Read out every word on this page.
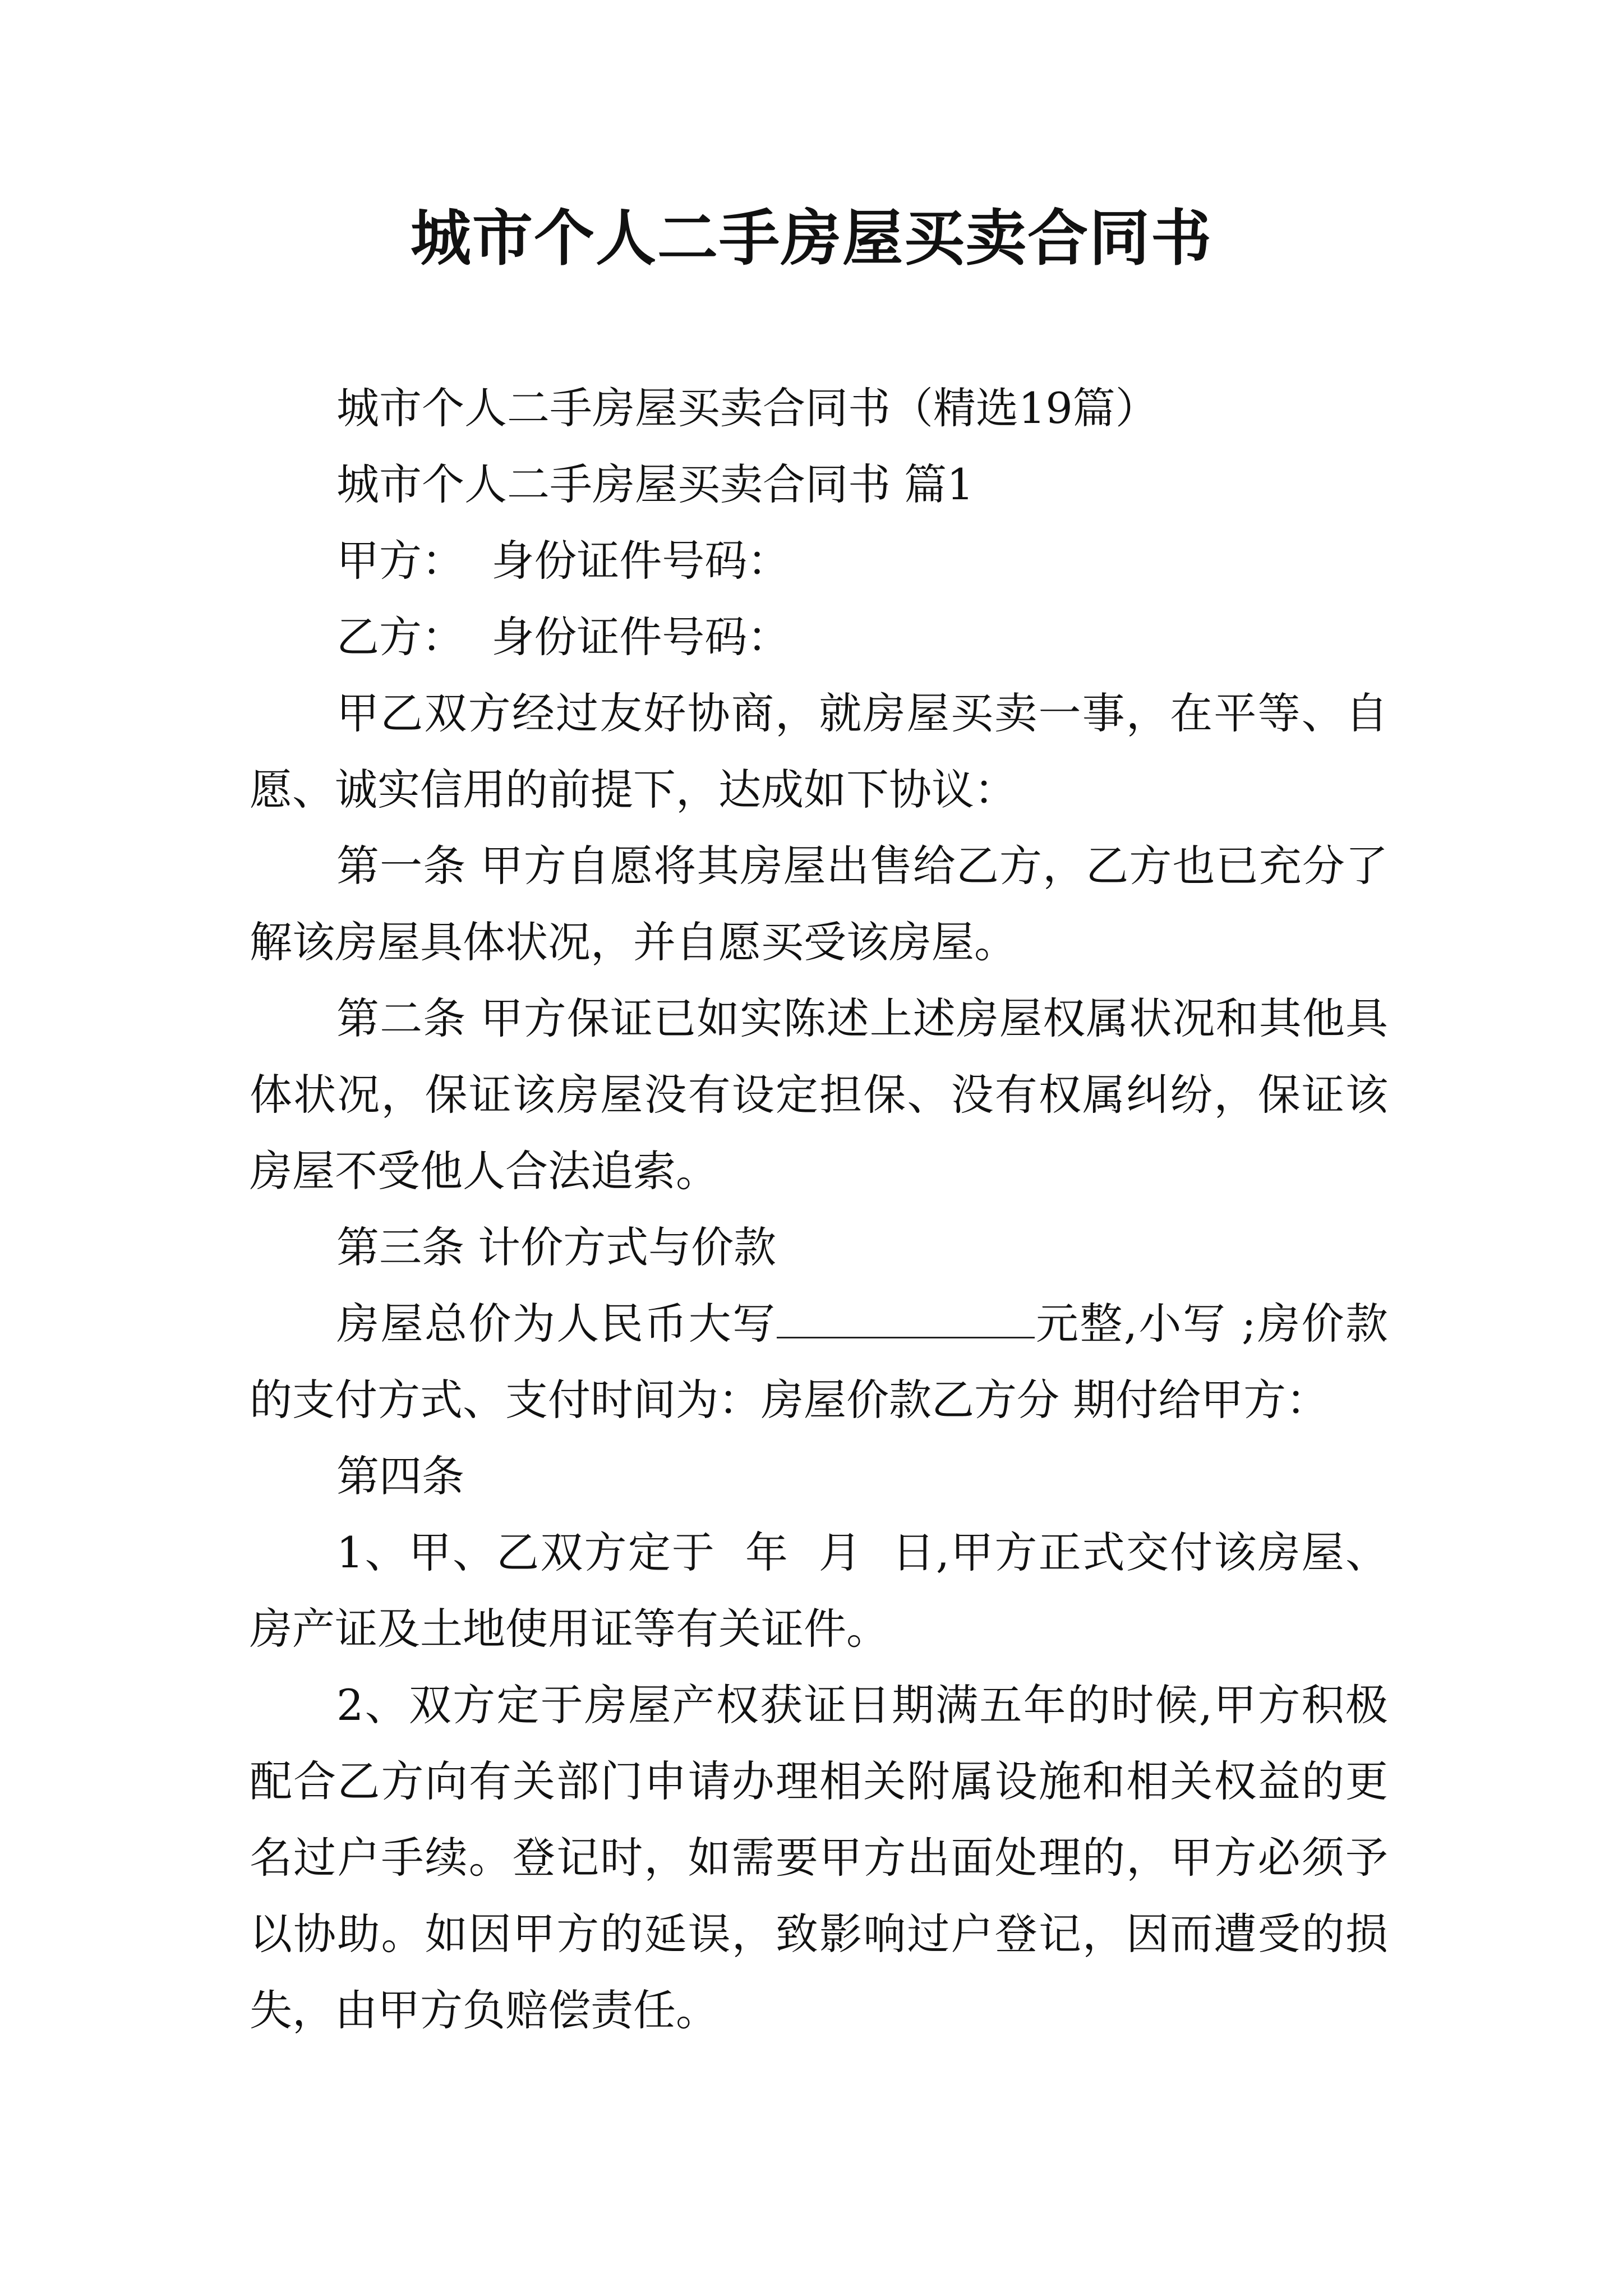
城市个人二手房屋买卖合同书

城市个人二手房屋买卖合同书（精选19篇）

城市个人二手房屋买卖合同书 篇1

甲方：  身份证件号码：

乙方：  身份证件号码：

甲乙双方经过友好协商，就房屋买卖一事，在平等、自愿、诚实信用的前提下，达成如下协议：

第一条 甲方自愿将其房屋出售给乙方，乙方也已充分了解该房屋具体状况，并自愿买受该房屋。

第二条 甲方保证已如实陈述上述房屋权属状况和其他具体状况，保证该房屋没有设定担保、没有权属纠纷，保证该房屋不受他人合法追索。

第三条 计价方式与价款

房屋总价为人民币大写	元整,小写 ;房价款的支付方式、支付时间为：房屋价款乙方分 期付给甲方：

第四条

1、甲、乙双方定于  年  月  日,甲方正式交付该房屋、房产证及土地使用证等有关证件。

2、双方定于房屋产权获证日期满五年的时候,甲方积极配合乙方向有关部门申请办理相关附属设施和相关权益的更名过户手续。登记时，如需要甲方出面处理的，甲方必须予以协助。如因甲方的延误，致影响过户登记，因而遭受的损失，由甲方负赔偿责任。
